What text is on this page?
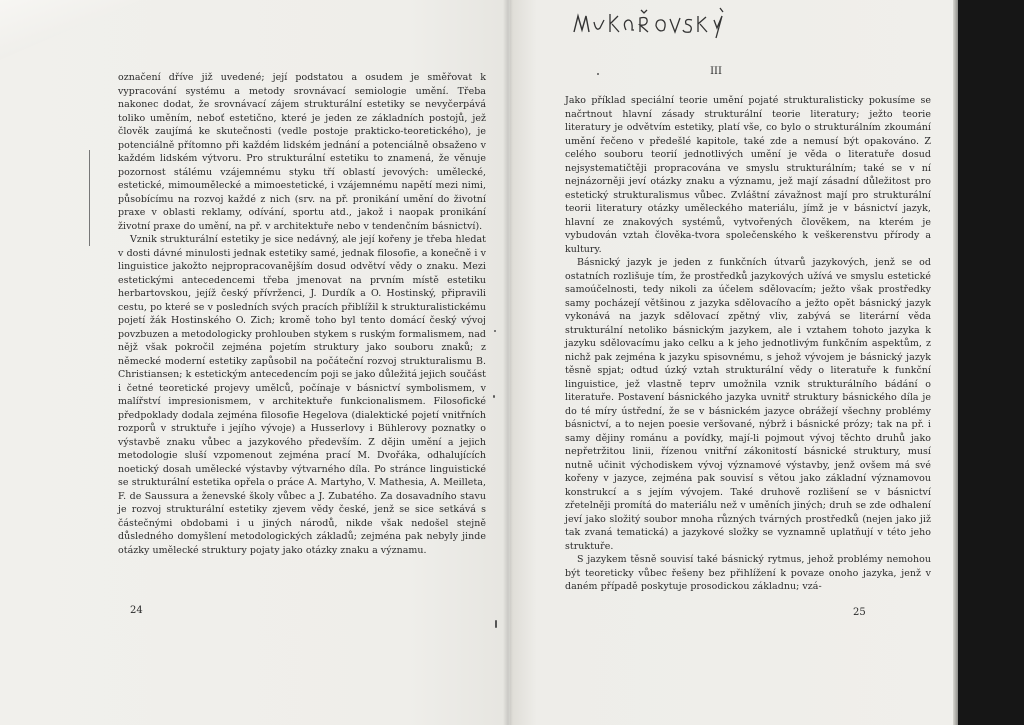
označení dříve již uvedené; její podstatou a osudem je směřovat k vypracování systému a metody srovnávací semiologie umění. Třeba nakonec dodat, že srovnávací zájem strukturální estetiky se nevyčerpává toliko uměním, neboť estetično, které je jeden ze základních postojů, jež člověk zaujímá ke skutečnosti (vedle postoje prakticko-teoretického), je potenciálně přítomno při každém lidském jednání a potenciálně obsaženo v každém lidském výtvoru. Pro strukturální estetiku to znamená, že věnuje pozornost stálému vzájemnému styku tří oblastí jevových: umělecké, estetické, mimoumělecké a mimoestetické, i vzájemnému napětí mezi nimi, působícímu na rozvoj každé z nich (srv. na př. pronikání umění do životní praxe v oblasti reklamy, odívání, sportu atd., jakož i naopak pronikání životní praxe do umění, na př. v architektuře nebo v tendenčním básnictví).

Vznik strukturální estetiky je sice nedávný, ale její kořeny je třeba hledat v dosti dávné minulosti jednak estetiky samé, jednak filosofie, a konečně i v linguistice jakožto nejpropracovanějším dosud odvětví vědy o znaku. Mezi estetickými antecedencemi třeba jmenovat na prvním místě estetiku herbartovskou, jejíž český přívrženci, J. Durdík a O. Hostinský, připravili cestu, po které se v posledních svých pracích přiblížil k strukturalistickému pojetí žák Hostinského O. Zich; kromě toho byl tento domácí český vývoj povzbuzen a metodologicky prohlouben stykem s ruským formalismem, nad nějž však pokročil zejména pojetím struktury jako souboru znaků; z německé moderní estetiky zapůsobil na počáteční rozvoj strukturalismu B. Christiansen; k estetickým antecedencím poji se jako důležitá jejich součást i četné teoretické projevy umělců, počínaje v básnictví symbolismem, v malířství impresionismem, v architektuře funkcionalismem. Filosofické předpoklady dodala zejména filosofie Hegelova (dialektické pojetí vnitřních rozporů v struktuře i jejího vývoje) a Husserlovy i Bühlerovy poznatky o výstavbě znaku vůbec a jazykového především. Z dějin umění a jejich metodologie sluší vzpomenout zejména prací M. Dvořáka, odhalujících noetický dosah umělecké výstavby výtvarného díla. Po stránce linguistické se strukturální estetika opřela o práce A. Martyho, V. Mathesia, A. Meilleta, F. de Saussura a ženevské školy vůbec a J. Zubatého. Za dosavadního stavu je rozvoj strukturální estetiky zjevem vědy české, jenž se sice setkává s částečnými obdobami i u jiných národů, nikde však nedošel stejně důsledného domyšlení metodologických základů; zejména pak nebyly jinde otázky umělecké struktury pojaty jako otázky znaku a významu.

24
III

Jako příklad speciální teorie umění pojaté strukturalisticky pokusíme se načrtnout hlavní zásady strukturální teorie literatury; ježto teorie literatury je odvětvím estetiky, platí vše, co bylo o strukturálním zkoumání umění řečeno v předešlé kapitole, také zde a nemusí být opakováno. Z celého souboru teorií jednotlivých umění je věda o literatuře dosud nejsystematičtěji propracována ve smyslu strukturálním; také se v ní nejnázorněji jeví otázky znaku a významu, jež mají zásadní důležitost pro estetický strukturalismus vůbec. Zvláštní závažnost mají pro strukturální teorii literatury otázky uměleckého materiálu, jímž je v básnictví jazyk, hlavní ze znakových systémů, vytvořených člověkem, na kterém je vybudován vztah člověka-tvora společenského k veškerenstvu přírody a kultury.

Básnický jazyk je jeden z funkčních útvarů jazykových, jenž se od ostatních rozlišuje tím, že prostředků jazykových užívá ve smyslu estetické samoúčelnosti, tedy nikoli za účelem sdělovacím; ježto však prostředky samy pocházejí většinou z jazyka sdělovacího a ježto opět básnický jazyk vykonává na jazyk sdělovací zpětný vliv, zabývá se literární věda strukturální netoliko básnickým jazykem, ale i vztahem tohoto jazyka k jazyku sdělovacímu jako celku a k jeho jednotlivým funkčním aspektům, z nichž pak zejména k jazyku spisovnému, s jehož vývojem je básnický jazyk těsně spjat; odtud úzký vztah strukturální vědy o literatuře k funkční linguistice, jež vlastně teprv umožnila vznik strukturálního bádání o literatuře. Postavení básnického jazyka uvnitř struktury básnického díla je do té míry ústřední, že se v básnickém jazyce obrážejí všechny problémy básnictví, a to nejen poesie veršované, nýbrž i básnické prózy; tak na př. i samy dějiny románu a povídky, mají-li pojmout vývoj těchto druhů jako nepřetržitou linii, řízenou vnitřní zákonitostí básnické struktury, musí nutně učinit východiskem vývoj významové výstavby, jenž ovšem má své kořeny v jazyce, zejména pak souvisí s větou jako základní významovou konstrukcí a s jejím vývojem. Také druhově rozlišení se v básnictví zřetelněji promítá do materiálu než v uměních jiných; druh se zde odhalení jeví jako složitý soubor mnoha různých tvárných prostředků (nejen jako již tak zvaná tematická) a jazykové složky se vyznamně uplatňují v této jeho struktuře.

S jazykem těsně souvisí také básnický rytmus, jehož problémy nemohou být teoreticky vůbec řešeny bez přihlížení k povaze onoho jazyka, jenž v daném případě poskytuje prosodickou základnu; vzá-

25
